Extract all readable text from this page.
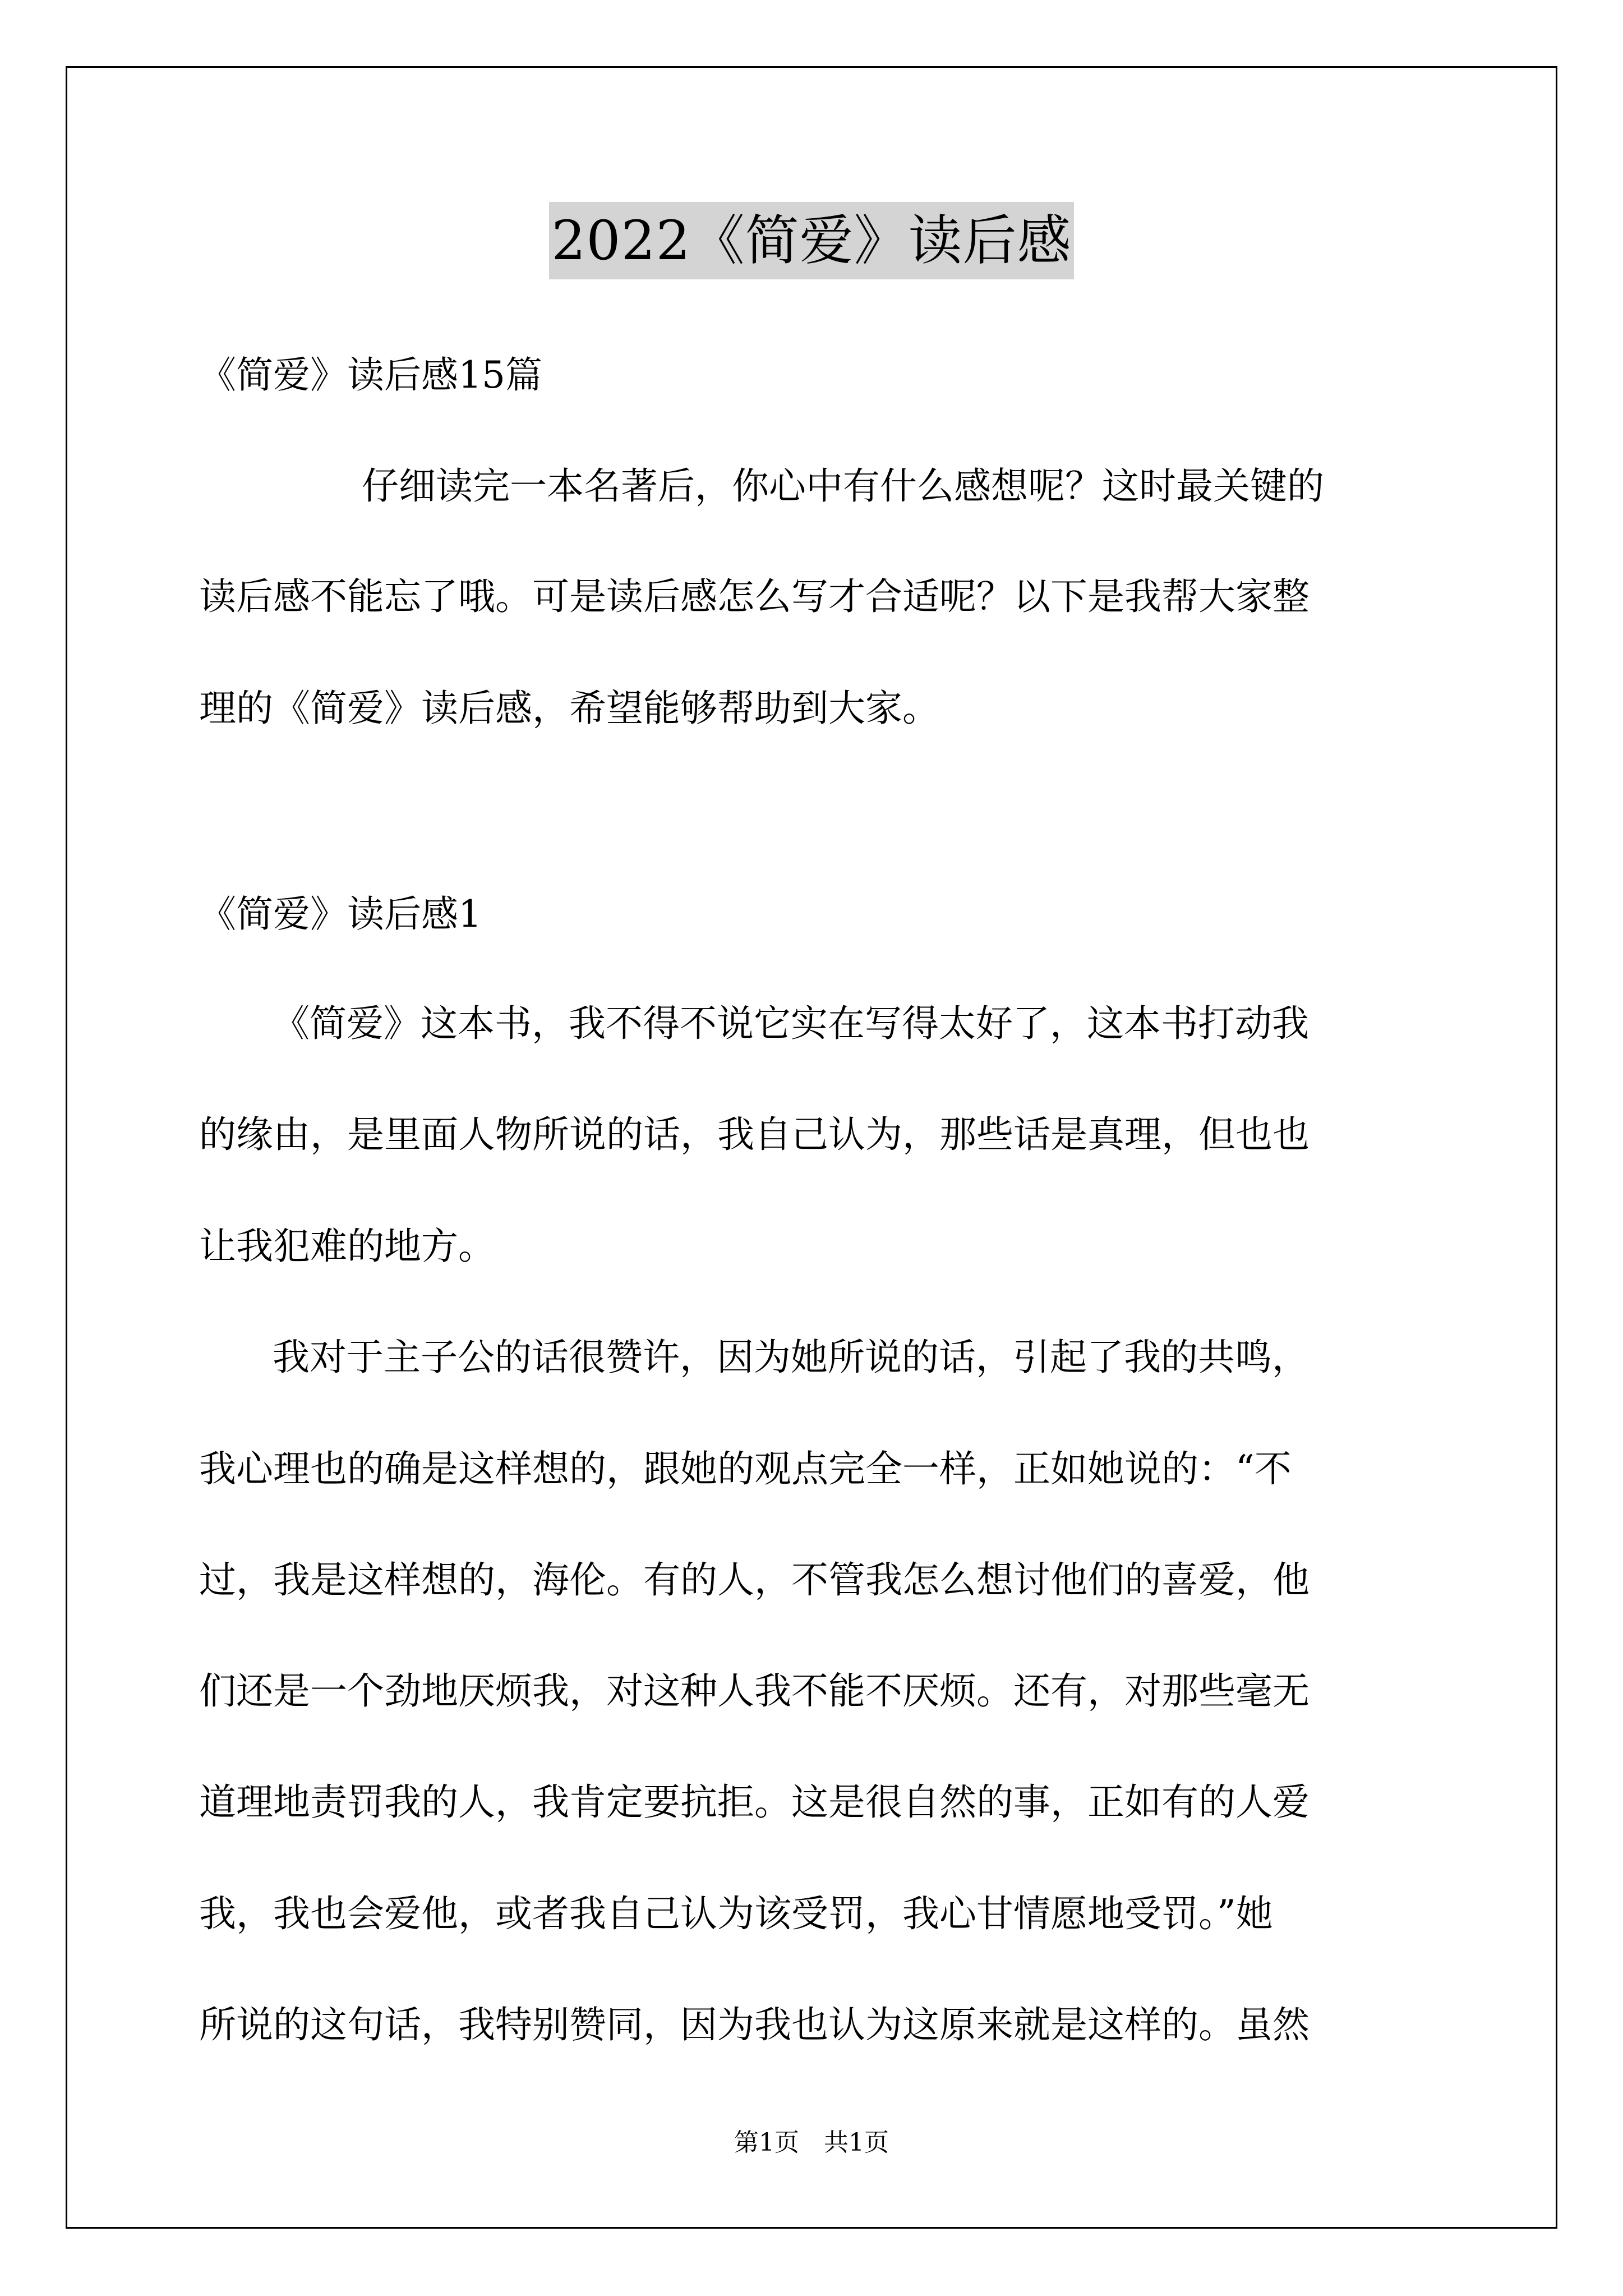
2022《简爱》读后感
《简爱》读后感15篇
仔细读完一本名著后，你心中有什么感想呢？这时最关键的
读后感不能忘了哦。可是读后感怎么写才合适呢？以下是我帮大家整
理的《简爱》读后感，希望能够帮助到大家。
《简爱》读后感1
《简爱》这本书，我不得不说它实在写得太好了，这本书打动我
的缘由，是里面人物所说的话，我自己认为，那些话是真理，但也也
让我犯难的地方。
我对于主子公的话很赞许，因为她所说的话，引起了我的共鸣，
我心理也的确是这样想的，跟她的观点完全一样，正如她说的：“不
过，我是这样想的，海伦。有的人，不管我怎么想讨他们的喜爱，他
们还是一个劲地厌烦我，对这种人我不能不厌烦。还有，对那些毫无
道理地责罚我的人，我肯定要抗拒。这是很自然的事，正如有的人爱
我，我也会爱他，或者我自己认为该受罚，我心甘情愿地受罚。”她
所说的这句话，我特别赞同，因为我也认为这原来就是这样的。虽然
第1页　共1页
